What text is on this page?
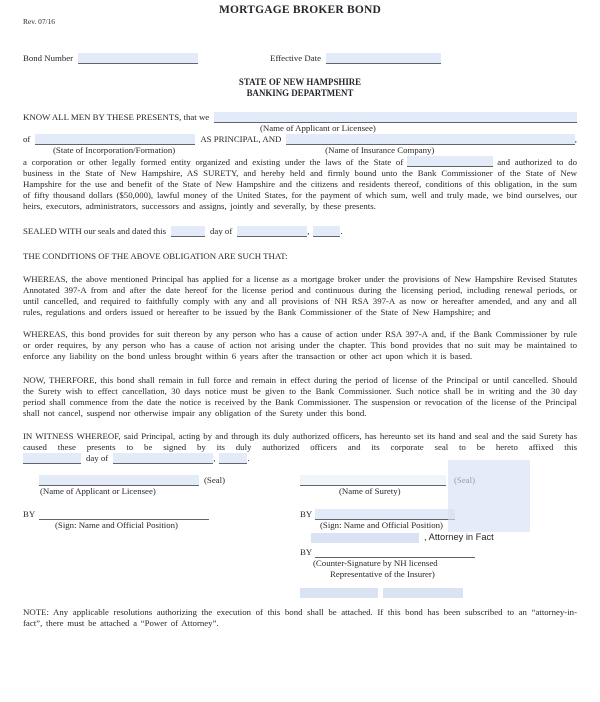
MORTGAGE BROKER BOND
Rev. 07/16
Bond Number	Effective Date
STATE OF NEW HAMPSHIRE
BANKING DEPARTMENT
KNOW ALL MEN BY THESE PRESENTS, that we
(Name of Applicant or Licensee)
of	AS PRINCIPAL, AND	,
(State of Incorporation/Formation)	(Name of Insurance Company)

a corporation or other legally formed entity organized and existing under the laws of the State of	and authorized to do business in the State of New Hampshire, AS SURETY, and hereby held and firmly bound unto the Bank Commissioner of the State of New Hampshire for the use and benefit of the State of New Hampshire and the citizens and residents thereof, conditions of this obligation, in the sum of fifty thousand dollars ($50,000), lawful money of the United States, for the payment of which sum, well and truly made, we bind ourselves, our heirs, executors, administrators, successors and assigns, jointly and severally, by these presents.

SEALED WITH our seals and dated this	day of	,	.
THE CONDITIONS OF THE ABOVE OBLIGATION ARE SUCH THAT:

WHEREAS, the above mentioned Principal has applied for a license as a mortgage broker under the provisions of New Hampshire Revised Statutes Annotated 397-A from and after the date hereof for the license period and continuous during the licensing period, including renewal periods, or until cancelled, and required to faithfully comply with any and all provisions of NH RSA 397-A as now or hereafter amended, and any and all rules, regulations and orders issued or hereafter to be issued by the Bank Commissioner of the State of New Hampshire; and

WHEREAS, this bond provides for suit thereon by any person who has a cause of action under RSA 397-A and, if the Bank Commissioner by rule or order requires, by any person who has a cause of action not arising under the chapter. This bond provides that no suit may be maintained to enforce any liability on the bond unless brought within 6 years after the transaction or other act upon which it is based.

NOW, THERFORE, this bond shall remain in full force and remain in effect during the period of license of the Principal or until cancelled. Should the Surety wish to effect cancellation, 30 days notice must be given to the Bank Commissioner. Such notice shall be in writing and the 30 day period shall commence from the date the notice is received by the Bank Commissioner. The suspension or revocation of the license of the Principal shall not cancel, suspend nor otherwise impair any obligation of the Surety under this bond.

IN WITNESS WHEREOF, said Principal, acting by and through its duly authorized officers, has hereunto set its hand and seal and the said Surety has caused these presents to be signed by its duly authorized officers and its corporate seal to be hereto affixed this

day of	,	.
(Seal)
(Name of Applicant or Licensee)
BY
(Sign: Name and Official Position)
(Name of Surety)
BY
(Sign: Name and Official Position)
, Attorney in Fact
BY
(Counter-Signature by NH licensed
Representative of the Insurer)

NOTE: Any applicable resolutions authorizing the execution of this bond shall be attached. If this bond has been subscribed to an “attorney-in-fact”, there must be attached a “Power of Attorney”.
